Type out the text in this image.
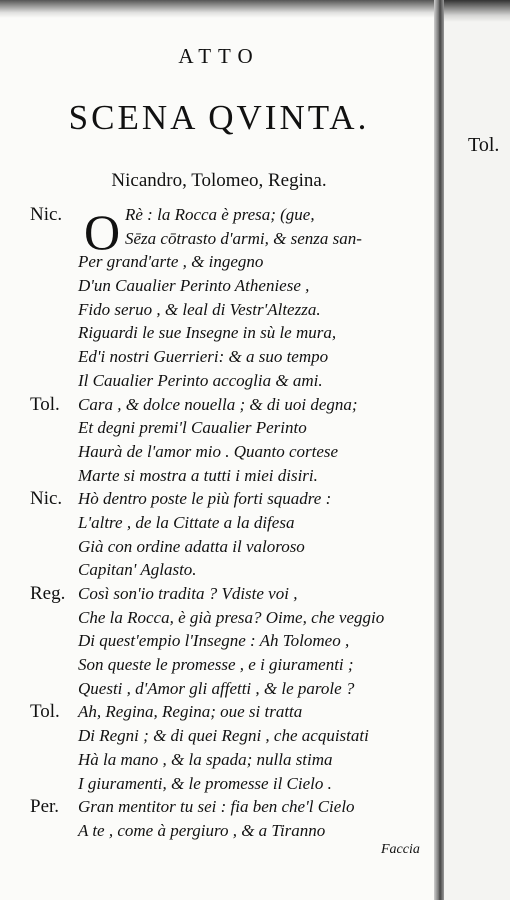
Tol.
ATTO
SCENA QVINTA.
Nicandro, Tolomeo, Regina.
O
Nic.	Rè : la Rocca è presa; (gue,
Sēza cōtrasto d'armi, & senza san-
Per grand'arte , & ingegno
D'un Caualier Perinto Atheniese ,
Fido seruo , & leal di Vestr'Altezza.
Riguardi le sue Insegne in sù le mura,
Ed'i nostri Guerrieri: & a suo tempo
Il Caualier Perinto accoglia & ami.
Tol. Cara , & dolce nouella ; & di uoi degna;
Et degni premi'l Caualier Perinto
Haurà de l'amor mio . Quanto cortese
Marte si mostra a tutti i miei disiri.
Nic. Hò dentro poste le più forti squadre :
L'altre , de la Cittate a la difesa
Già con ordine adatta il valoroso
Capitan' Aglasto.
Reg. Così son'io tradita ? Vdiste voi ,
Che la Rocca, è già presa? Oime, che veggio
Di quest'empio l'Insegne : Ah Tolomeo ,
Son queste le promesse , e i giuramenti ;
Questi , d'Amor gli affetti , & le parole ?
Tol. Ah, Regina, Regina; oue si tratta
Di Regni ; & di quei Regni , che acquistati
Hà la mano , & la spada; nulla stima
I giuramenti, & le promesse il Cielo .
Per. Gran mentitor tu sei : fia ben che'l Cielo
A te , come à pergiuro , & a Tiranno
Faccia
